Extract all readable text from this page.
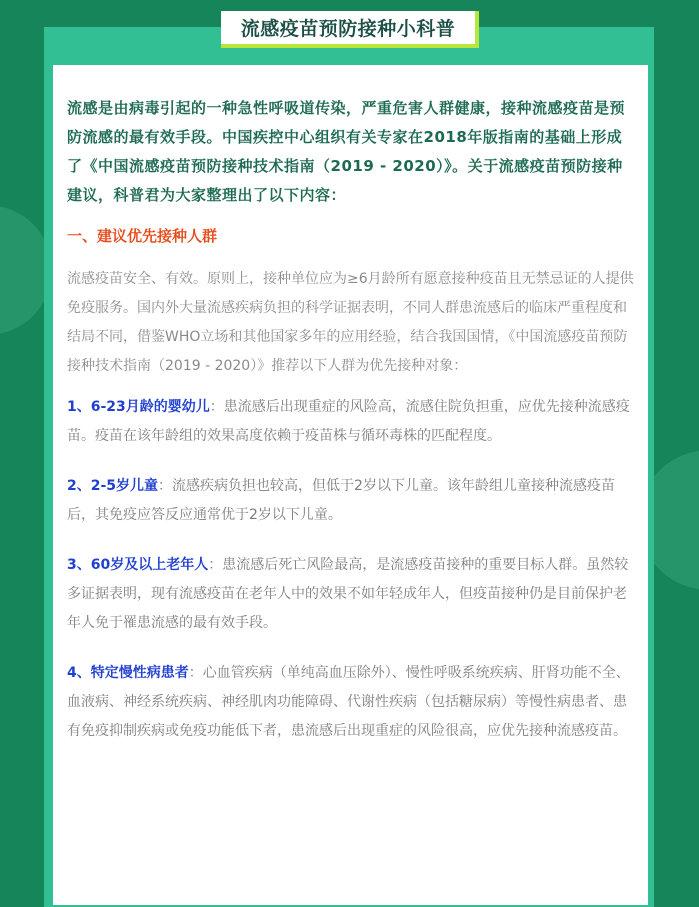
流感疫苗预防接种小科普

流感是由病毒引起的一种急性呼吸道传染，严重危害人群健康，接种流感疫苗是预防流感的最有效手段。中国疾控中心组织有关专家在2018年版指南的基础上形成了《中国流感疫苗预防接种技术指南（2019 - 2020）》。关于流感疫苗预防接种建议，科普君为大家整理出了以下内容：

一、建议优先接种人群

流感疫苗安全、有效。原则上，接种单位应为≥6月龄所有愿意接种疫苗且无禁忌证的人提供免疫服务。国内外大量流感疾病负担的科学证据表明，不同人群患流感后的临床严重程度和结局不同，借鉴WHO立场和其他国家多年的应用经验，结合我国国情，《中国流感疫苗预防接种技术指南（2019 - 2020）》推荐以下人群为优先接种对象：

1、6-23月龄的婴幼儿：患流感后出现重症的风险高，流感住院负担重，应优先接种流感疫苗。疫苗在该年龄组的效果高度依赖于疫苗株与循环毒株的匹配程度。

2、2-5岁儿童：流感疾病负担也较高，但低于2岁以下儿童。该年龄组儿童接种流感疫苗后，其免疫应答反应通常优于2岁以下儿童。

3、60岁及以上老年人：患流感后死亡风险最高，是流感疫苗接种的重要目标人群。虽然较多证据表明，现有流感疫苗在老年人中的效果不如年轻成年人，但疫苗接种仍是目前保护老年人免于罹患流感的最有效手段。

4、特定慢性病患者：心血管疾病（单纯高血压除外）、慢性呼吸系统疾病、肝肾功能不全、血液病、神经系统疾病、神经肌肉功能障碍、代谢性疾病（包括糖尿病）等慢性病患者、患有免疫抑制疾病或免疫功能低下者，患流感后出现重症的风险很高，应优先接种流感疫苗。
